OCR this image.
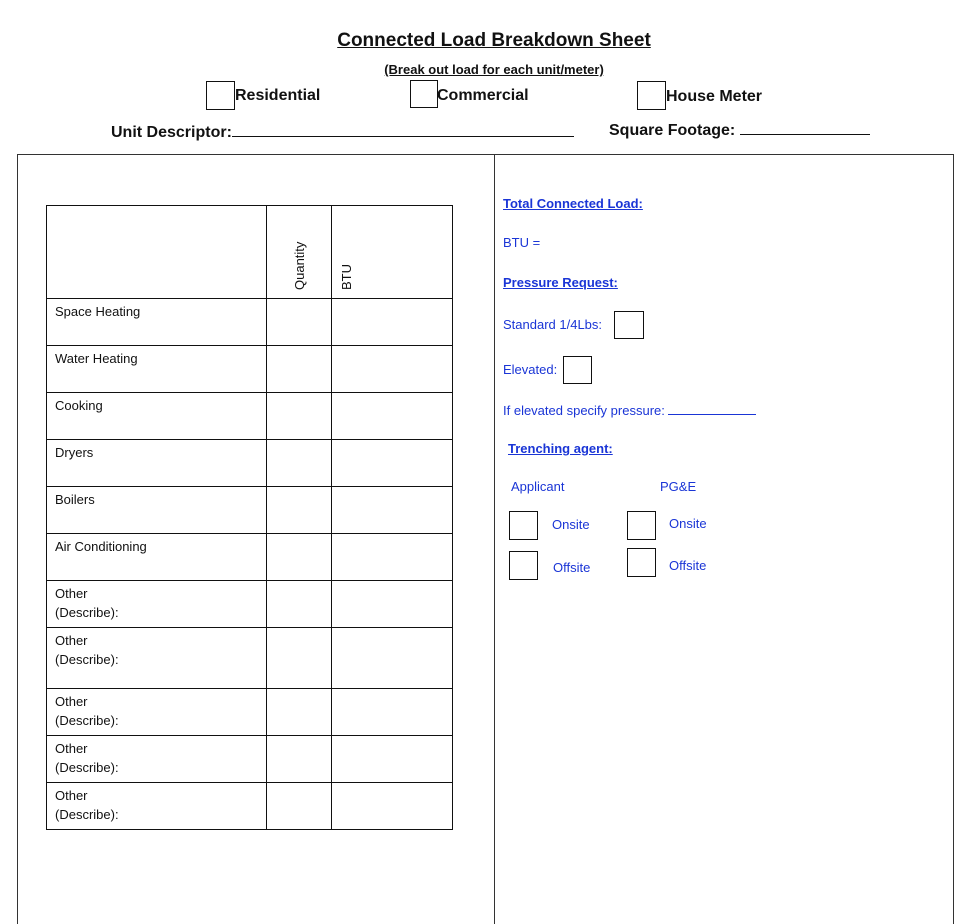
Connected Load Breakdown Sheet
(Break out load for each unit/meter)
Residential	Commercial	House Meter
Unit Descriptor:	Square Footage:

	Quantity	BTU

Space Heating		

Water Heating		

Cooking		

Dryers		

Boilers		

Air Conditioning		

Other
(Describe):		

Other
(Describe):		

Other
(Describe):		

Other
(Describe):		

Other
(Describe):		

Total Connected Load:
BTU =
Pressure Request:
Standard 1/4Lbs:
Elevated:
If elevated specify pressure:
Trenching agent:
Applicant	PG&E
Onsite	Onsite
Offsite	Offsite
